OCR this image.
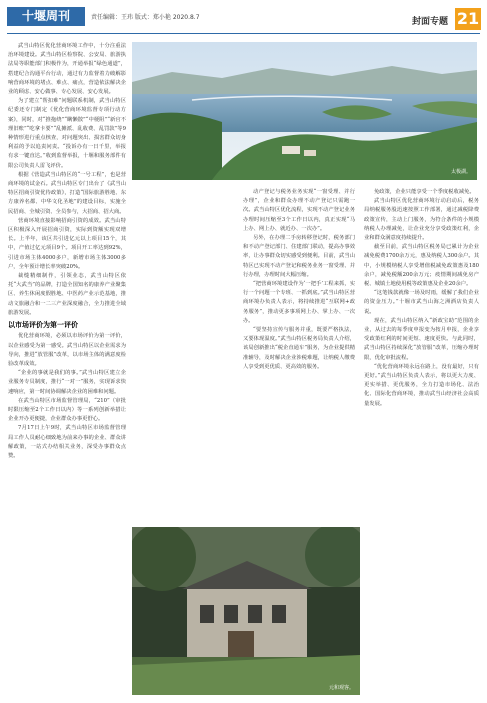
十堰周刊	责任编辑：王玮 版式：郑小艳 2020.8.7	封面专题 21

武当山特区优化营商环境工作中，十分注重法治环境建设。武当山特区检察院、公安局、旅游执法局等职能部门积极作为，开通举报“绿色通道”，搭建纪合沟通平台行动，通过有力监督着力破解影响营商环境的堵点、难点、痛点，营造依法解决企业的顾虑、安心做事、专心发展、安心发展。

为了建立“帮扣难”问题联系机制，武当山特区纪委还专门制定《优化营商环境监督专项行动方案》，同时，对“推拖绕”“瞒懒散”“中梗阻”“新官不理旧账”“吃拿卡要”“乱摊派、乱收费、乱罚款”等9种情形进行重点核查，对问题突出、损害群众切身利益的予以追责问责。“投诉办有一日千里，举报有求一键直达。”收到监督举报，十堰和服务部件有限公司负责人雷飞评价。

根据《营造武当山特区的“一号工程”，也是营商环境的试金石。武当山特区专门出台了《武当山特区招商引资优待政策》，打造“国际旅游胜地、东方康养名都、中华文化圣地”的建设目标，实施全民招商、全城引资、全员参与，大招商、招大商。

营商环境直接影响招商引资的成效。武当山特区积极深入开展招商引资，实际到资额实现双增长。上半年，该区共引进亿元以上项目15个，其中，产值过亿元项目9个。项目开工率达到92%，引进市场主体4000多户，新增市场主体3000多户，全年预计增长率突破20%。

裁缝精细制作，引领业态，武当山特区依托“大武当”的品牌，打造全国知名的康养产业聚集区、养生休闲度假胜地、中医药产业示范基地，推动文旅融合和一二三产业深度融合，全力推进全域旅游发展。

以市场评价为第一评价

优化营商环境，必须以市场评价为第一评价，以企业感受为第一感受。武当山特区以企业需求为导向，推进“放管服”改革，以市场主体的满意度检验改革成效。

“企业的事就是我们的事。”武当山特区建立企业服务专员制度，推行“一对一”服务，实现诉求快速响应，第一时间协调解决企业的困难和问题。

在武当山特区市场监督管理局，“210”（审批时限压缩至2个工作日以内）等一系列创新举措让企业开办更便捷，企业群众办事更舒心。

7月17日上午9时，武当山特区市场监督管理局工作人员耐心细致地为前来办事的企业、群众讲解政策，一站式办结相关业务，深受办事群众点赞。

太极湖。

动产登记与税务业务实现“一窗受理、并行办理”，企业和群众办理不动产登记只需跑一次。武当山特区优化流程，实现不动产登记业务办理时间压缩至3个工作日以内，真正实现“马上办、网上办、就近办、一次办”。

另外，在办理二手房转移登记时，税务部门和不动产登记部门、住建部门联动，提高办事效率，让办事群众切实感受到便利。目前，武当山特区已实现不动产登记和税务业务一窗受理、并行办理，办理时间大幅压缩。

“把营商环境建设作为‘一把手’工程来抓，实行一个问题一个专班、一抓到底。”武当山特区营商环境办负责人表示，将持续推进“互联网+政务服务”，推动更多事项网上办、掌上办、一次办。

“要坚持宣传与服务并重，既要严格执法，又要体现温度。”武当山特区税务局负责人介绍，该局创新推出“税企直通车”服务，为企业提供精准辅导，及时解决企业涉税难题，让纳税人缴费人享受到更优质、更高效的服务。

免政策，企业只能享受一个季度税收减免。

武当山特区优化营商环境行动启动后，税务局纳税服务股迅速按照工作部署，通过减税降费政策宣传，主动上门服务，为符合条件的小规模纳税人办理减免，让企业充分享受政策红利，企业和群众满意度持续提升。

截至目前，武当山特区税务局已累计为企业减免税费1700余万元，惠及纳税人300余户。其中，小规模纳税人享受增值税减免政策惠及180余户，减免税额200余万元；疫情期间减免房产税、城镇土地使用税等政策惠及企业20余户。

“这笔钱款就像一场及时雨，缓解了我们企业的资金压力。”十堰市武当山海之洲酒店负责人说。

现在，武当山特区纳入“新政宝助”范围的企业，从过去的每季度申报变为按月申报，企业享受政策红利的时间更短、速度更快。与此同时，武当山特区持续深化“放管服”改革，压缩办理时限，优化审批流程。

“优化营商环境永远在路上，没有最好，只有更好。”武当山特区负责人表示，将以更大力度、更实举措、更优服务，全力打造市场化、法治化、国际化营商环境，推动武当山经济社会高质量发展。

元和观客。
